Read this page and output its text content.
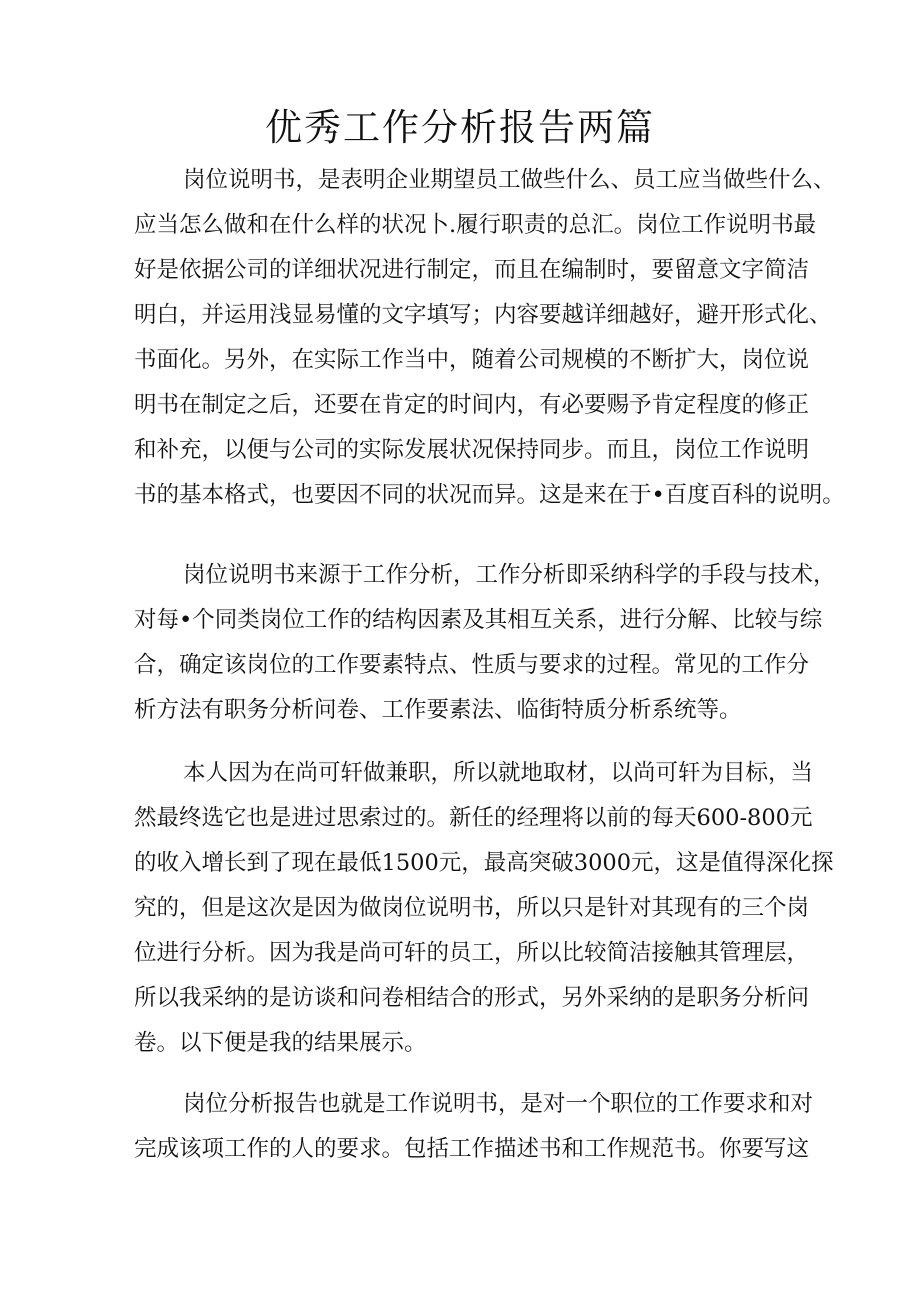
优秀工作分析报告两篇
岗位说明书，是表明企业期望员工做些什么、员工应当做些什么、
应当怎么做和在什么样的状况卜.履行职责的总汇。岗位工作说明书最
好是依据公司的详细状况进行制定，而且在编制时，要留意文字简洁
明白，并运用浅显易懂的文字填写；内容要越详细越好，避开形式化、
书面化。另外，在实际工作当中，随着公司规模的不断扩大，岗位说
明书在制定之后，还要在肯定的时间内，有必要赐予肯定程度的修正
和补充，以便与公司的实际发展状况保持同步。而且，岗位工作说明
书的基本格式，也要因不同的状况而异。这是来在于•百度百科的说明。
岗位说明书来源于工作分析，工作分析即采纳科学的手段与技术，
对每•个同类岗位工作的结构因素及其相互关系，进行分解、比较与综
合，确定该岗位的工作要素特点、性质与要求的过程。常见的工作分
析方法有职务分析问卷、工作要素法、临街特质分析系统等。
本人因为在尚可轩做兼职，所以就地取材，以尚可轩为目标，当
然最终选它也是进过思索过的。新任的经理将以前的每天600-800元
的收入增长到了现在最低1500元，最高突破3000元，这是值得深化探
究的，但是这次是因为做岗位说明书，所以只是针对其现有的三个岗
位进行分析。因为我是尚可轩的员工，所以比较简洁接触其管理层，
所以我采纳的是访谈和问卷相结合的形式，另外采纳的是职务分析问
卷。以下便是我的结果展示。
岗位分析报告也就是工作说明书，是对一个职位的工作要求和对
完成该项工作的人的要求。包括工作描述书和工作规范书。你要写这
